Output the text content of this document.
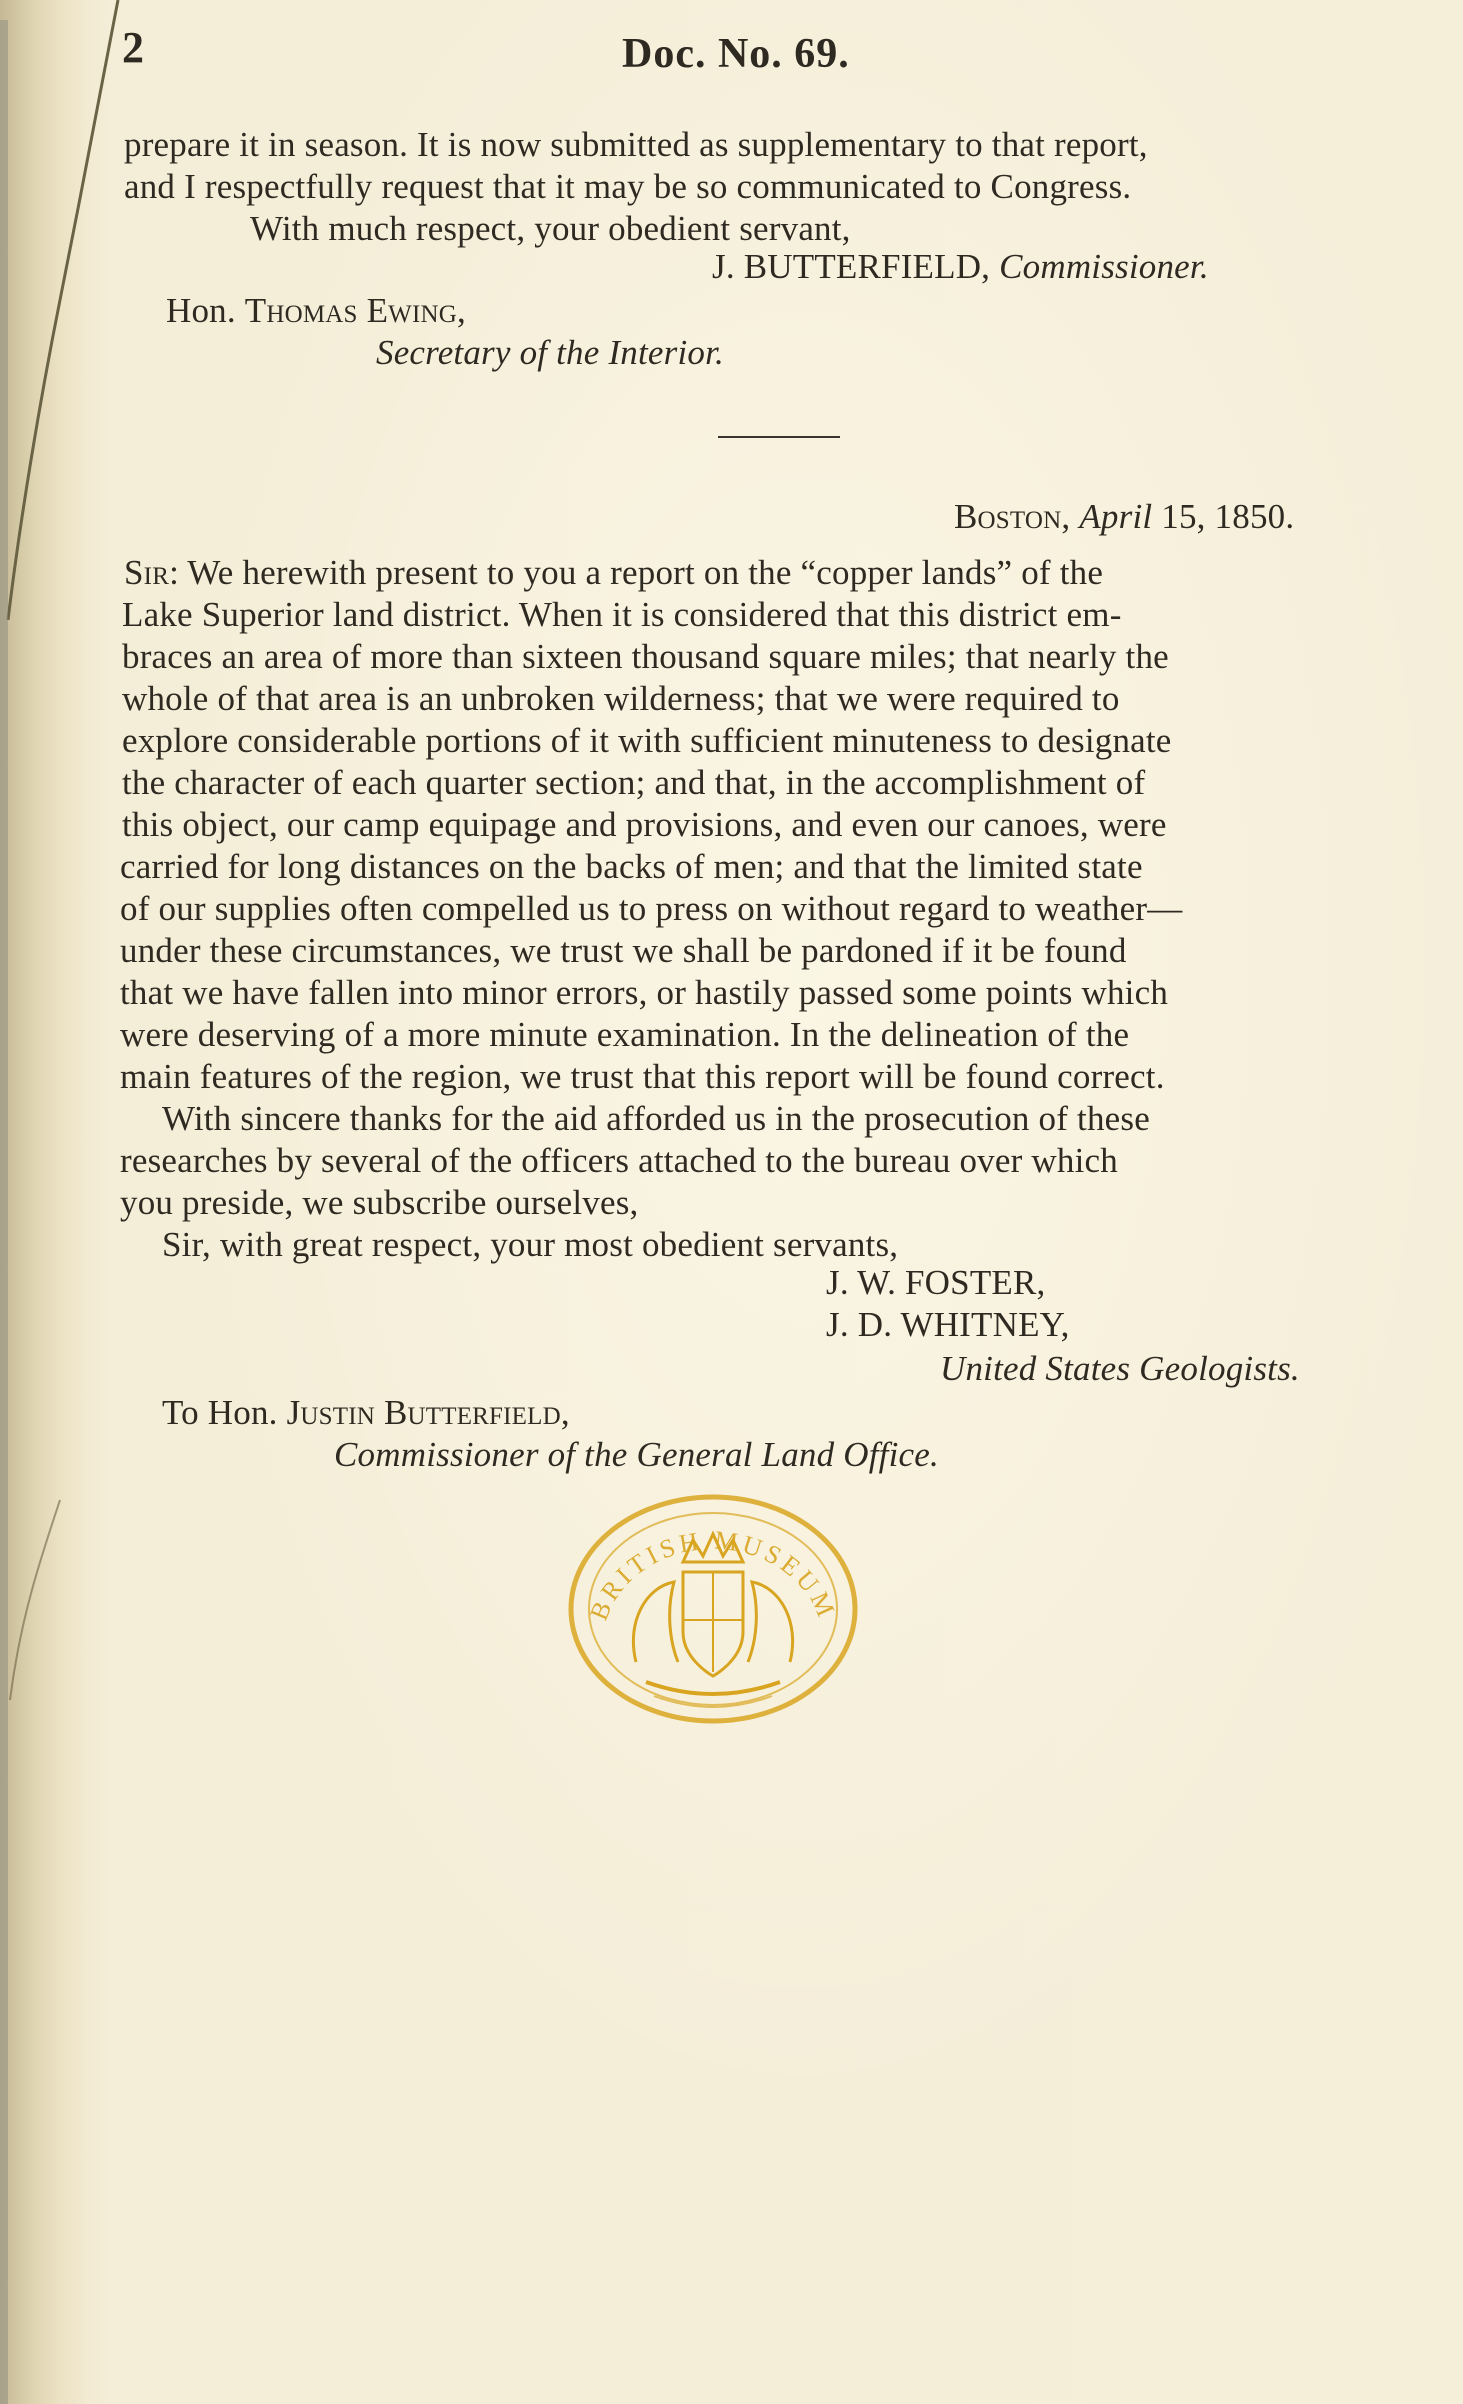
2	Doc. No. 69.
prepare it in season. It is now submitted as supplementary to that report,
and I respectfully request that it may be so communicated to Congress.
With much respect, your obedient servant,
J. BUTTERFIELD, Commissioner.
Hon. Thomas Ewing,
Secretary of the Interior.
Boston, April 15, 1850.
Sir: We herewith present to you a report on the “copper lands” of the
Lake Superior land district. When it is considered that this district em-
braces an area of more than sixteen thousand square miles; that nearly the
whole of that area is an unbroken wilderness; that we were required to
explore considerable portions of it with sufficient minuteness to designate
the character of each quarter section; and that, in the accomplishment of
this object, our camp equipage and provisions, and even our canoes, were
carried for long distances on the backs of men; and that the limited state
of our supplies often compelled us to press on without regard to weather—
under these circumstances, we trust we shall be pardoned if it be found
that we have fallen into minor errors, or hastily passed some points which
were deserving of a more minute examination. In the delineation of the
main features of the region, we trust that this report will be found correct.
With sincere thanks for the aid afforded us in the prosecution of these
researches by several of the officers attached to the bureau over which
you preside, we subscribe ourselves,
Sir, with great respect, your most obedient servants,
J. W. FOSTER,
J. D. WHITNEY,
United States Geologists.
To Hon. Justin Butterfield,
Commissioner of the General Land Office.
BRITISH MUSEUM
